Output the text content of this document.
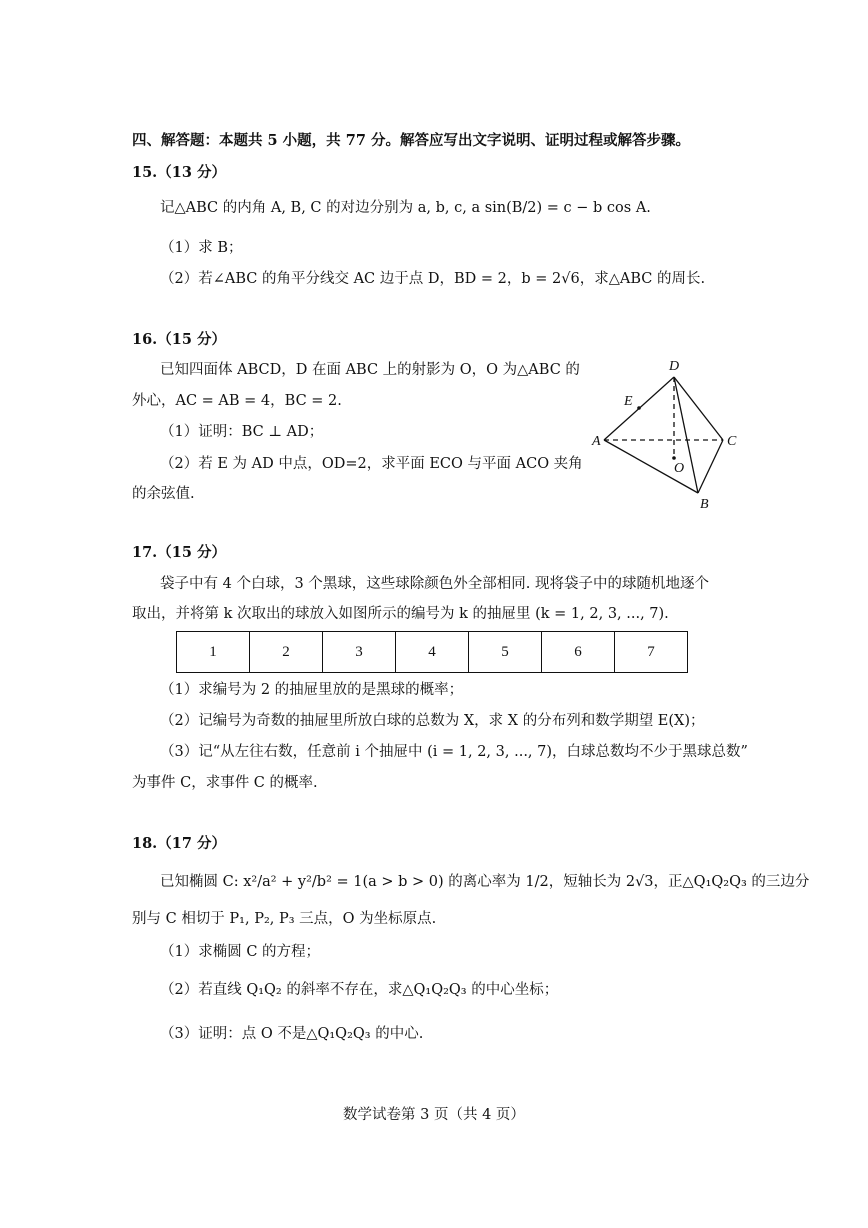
四、解答题：本题共 5 小题，共 77 分。解答应写出文字说明、证明过程或解答步骤。
15.（13 分）
记△ABC 的内角 A, B, C 的对边分别为 a, b, c, a sin(B/2) = c − b cos A.
（1）求 B；
（2）若∠ABC 的角平分线交 AC 边于点 D，BD = 2，b = 2√6，求△ABC 的周长.
16.（15 分）
已知四面体 ABCD，D 在面 ABC 上的射影为 O，O 为△ABC 的
外心，AC = AB = 4，BC = 2.
（1）证明：BC ⊥ AD；
（2）若 E 为 AD 中点，OD=2，求平面 ECO 与平面 ACO 夹角
的余弦值.
D
E
A	C
O
B
17.（15 分）
袋子中有 4 个白球，3 个黑球，这些球除颜色外全部相同. 现将袋子中的球随机地逐个
取出，并将第 k 次取出的球放入如图所示的编号为 k 的抽屉里 (k = 1, 2, 3, ..., 7).
1	2	3	4	5	6	7
（1）求编号为 2 的抽屉里放的是黑球的概率；
（2）记编号为奇数的抽屉里所放白球的总数为 X，求 X 的分布列和数学期望 E(X)；
（3）记“从左往右数，任意前 i 个抽屉中 (i = 1, 2, 3, ..., 7)，白球总数均不少于黑球总数”
为事件 C，求事件 C 的概率.
18.（17 分）
已知椭圆 C: x²/a² + y²/b² = 1(a > b > 0) 的离心率为 1/2，短轴长为 2√3，正△Q₁Q₂Q₃ 的三边分
别与 C 相切于 P₁, P₂, P₃ 三点，O 为坐标原点.
（1）求椭圆 C 的方程；
（2）若直线 Q₁Q₂ 的斜率不存在，求△Q₁Q₂Q₃ 的中心坐标；
（3）证明：点 O 不是△Q₁Q₂Q₃ 的中心.
数学试卷第 3 页（共 4 页）
